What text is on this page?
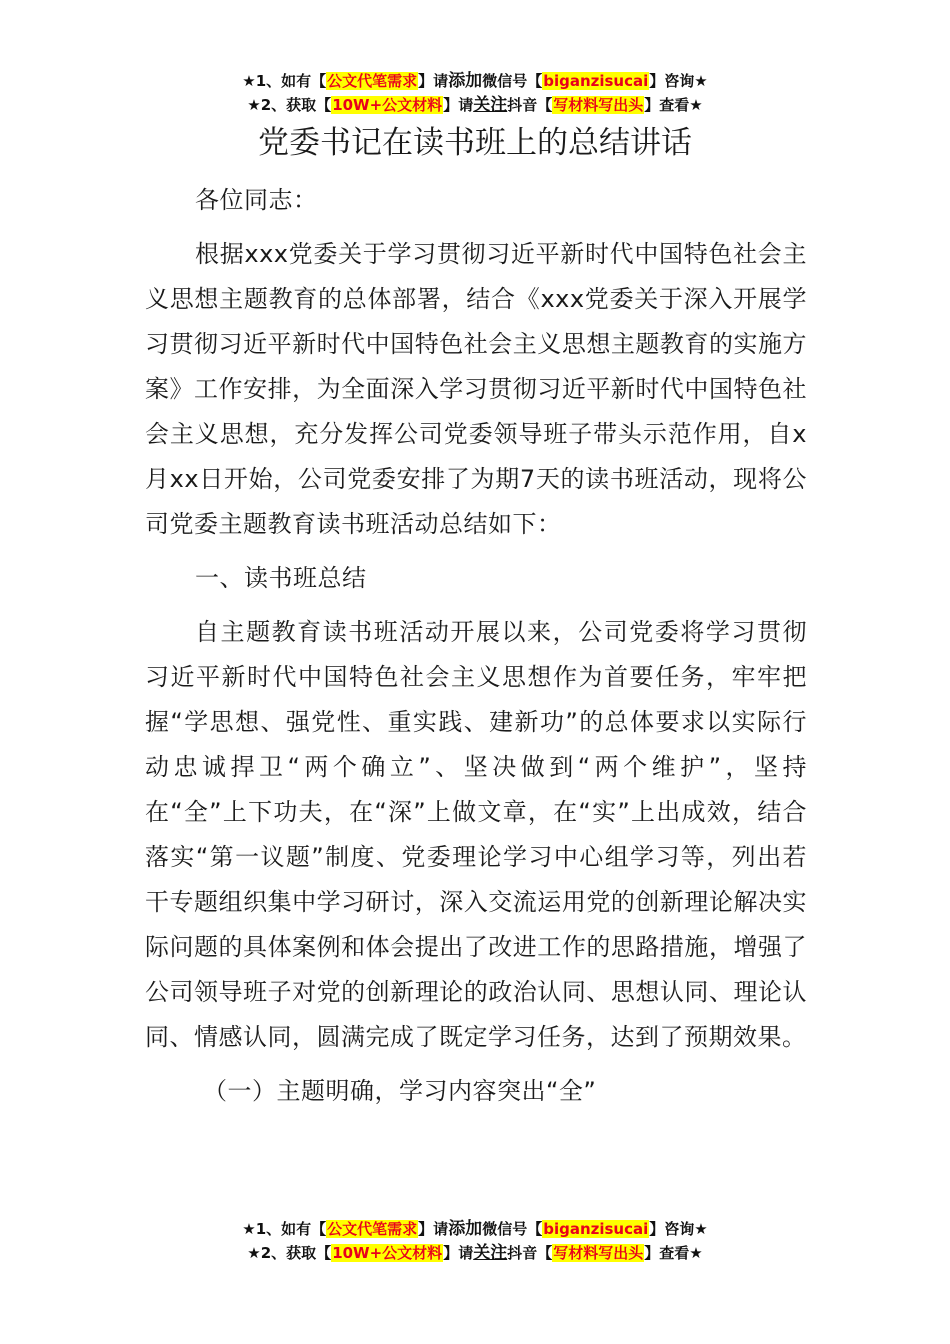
★1、如有【公文代笔需求】请添加微信号【biganzisucai】咨询★
★2、获取【10W+公文材料】请关注抖音【写材料写出头】查看★
党委书记在读书班上的总结讲话

各位同志：

根据xxx党委关于学习贯彻习近平新时代中国特色社会主义思想主题教育的总体部署，结合《xxx党委关于深入开展学习贯彻习近平新时代中国特色社会主义思想主题教育的实施方案》工作安排，为全面深入学习贯彻习近平新时代中国特色社会主义思想，充分发挥公司党委领导班子带头示范作用，自x月xx日开始，公司党委安排了为期7天的读书班活动，现将公司党委主题教育读书班活动总结如下：

一、读书班总结

自主题教育读书班活动开展以来，公司党委将学习贯彻习近平新时代中国特色社会主义思想作为首要任务，牢牢把握“学思想、强党性、重实践、建新功”的总体要求以实际行动忠诚捍卫“两个确立”、坚决做到“两个维护”，坚持在“全”上下功夫，在“深”上做文章，在“实”上出成效，结合落实“第一议题”制度、党委理论学习中心组学习等，列出若干专题组织集中学习研讨，深入交流运用党的创新理论解决实际问题的具体案例和体会提出了改进工作的思路措施，增强了公司领导班子对党的创新理论的政治认同、思想认同、理论认同、情感认同，圆满完成了既定学习任务，达到了预期效果。

（一）主题明确，学习内容突出“全”

★1、如有【公文代笔需求】请添加微信号【biganzisucai】咨询★
★2、获取【10W+公文材料】请关注抖音【写材料写出头】查看★
